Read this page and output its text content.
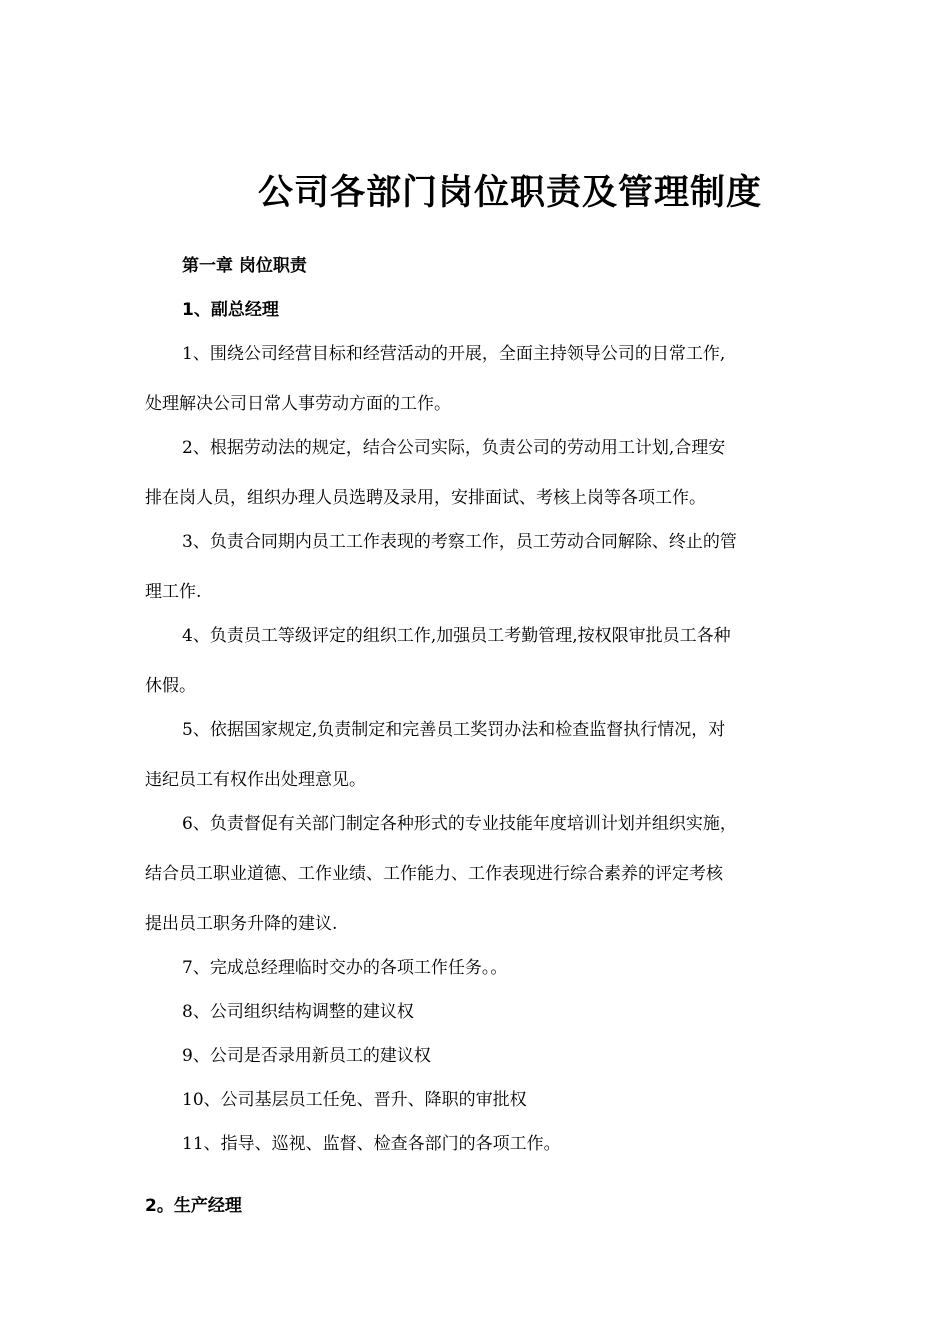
公司各部门岗位职责及管理制度

第一章 岗位职责

1、副总经理

1、围绕公司经营目标和经营活动的开展，全面主持领导公司的日常工作,

处理解决公司日常人事劳动方面的工作。

2、根据劳动法的规定，结合公司实际，负责公司的劳动用工计划,合理安

排在岗人员，组织办理人员选聘及录用，安排面试、考核上岗等各项工作。

3、负责合同期内员工工作表现的考察工作，员工劳动合同解除、终止的管

理工作.

4、负责员工等级评定的组织工作,加强员工考勤管理,按权限审批员工各种

休假。

5、依据国家规定,负责制定和完善员工奖罚办法和检查监督执行情况，对

违纪员工有权作出处理意见。

6、负责督促有关部门制定各种形式的专业技能年度培训计划并组织实施，

结合员工职业道德、工作业绩、工作能力、工作表现进行综合素养的评定考核

提出员工职务升降的建议.

7、完成总经理临时交办的各项工作任务。。

8、公司组织结构调整的建议权

9、公司是否录用新员工的建议权

10、公司基层员工任免、晋升、降职的审批权

11、指导、巡视、监督、检查各部门的各项工作。

2。生产经理
